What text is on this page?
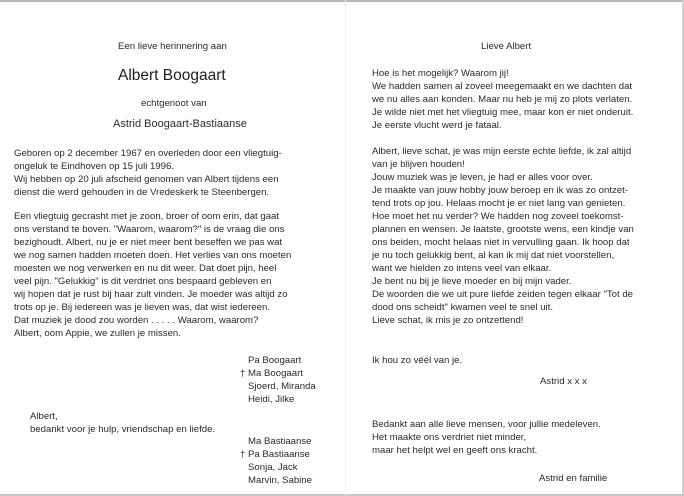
Een lieve herinnering aan
Albert Boogaart
echtgenoot van
Astrid Boogaart-Bastiaanse
Geboren op 2 december 1967 en overleden door een vliegtuig-
ongeluk te Eindhoven op 15 juli 1996.
Wij hebben op 20 juli afscheid genomen van Albert tijdens een
dienst die werd gehouden in de Vredeskerk te Steenbergen.
Een vliegtuig gecrasht met je zoon, broer of oom erin, dat gaat
ons verstand te boven. "Waarom, waarom?" is de vraag die ons
bezighoudt. Albert, nu je er niet meer bent beseffen we pas wat
we nog samen hadden moeten doen. Het verlies van ons moeten
moesten we nog verwerken en nu dit weer. Dat doet pijn, heel
veel pijn. "Gelukkig" is dit verdriet ons bespaard gebleven en
wij hopen dat je rust bij haar zult vinden. Je moeder was altijd zo
trots op je. Bij iedereen was je lieven was, dat wist iedereen.
Dat muziek je dood zou worden . . . . . Waarom, waarom?
Albert, oom Appie, we zullen je missen.
Pa Boogaart
† Ma Boogaart
Sjoerd, Miranda
Heidi, Jilke
Albert,
bedankt voor je hulp, vriendschap en liefde.
Ma Bastiaanse
† Pa Bastiaanse
Sonja, Jack
Marvin, Sabine
Lieve Albert
Hoe is het mogelijk? Waarom jij!
We hadden samen al zoveel meegemaakt en we dachten dat
we nu alles aan konden. Maar nu heb je mij zo plots verlaten.
Je wilde niet met het vliegtuig mee, maar kon er niet onderuit.
Je eerste vlucht werd je fataal.
Albert, lieve schat, je was mijn eerste echte liefde, ik zal altijd
van je blijven houden!
Jouw muziek was je leven, je had er alles voor over.
Je maakte van jouw hobby jouw beroep en ik was zo ontzet-
tend trots op jou. Helaas mocht je er niet lang van genieten.
Hoe moet het nu verder? We hadden nog zoveel toekomst-
plannen en wensen. Je laatste, grootste wens, een kindje van
ons beiden, mocht helaas niet in vervulling gaan. Ik hoop dat
je nu toch gelukkig bent, al kan ik mij dat niet voorstellen,
want we hielden zo intens veel van elkaar.
Je bent nu bij je lieve moeder en bij mijn vader.
De woorden die we uit pure liefde zeiden tegen elkaar "Tot de
dood ons scheidt" kwamen veel te snel uit.
Lieve schat, ik mis je zo ontzettend!
Ik hou zo véél van je.
Astrid x x x
Bedankt aan alle lieve mensen, voor jullie medeleven.
Het maakte ons verdriet niet minder,
maar het helpt wel en geeft ons kracht.
Astrid en familie
